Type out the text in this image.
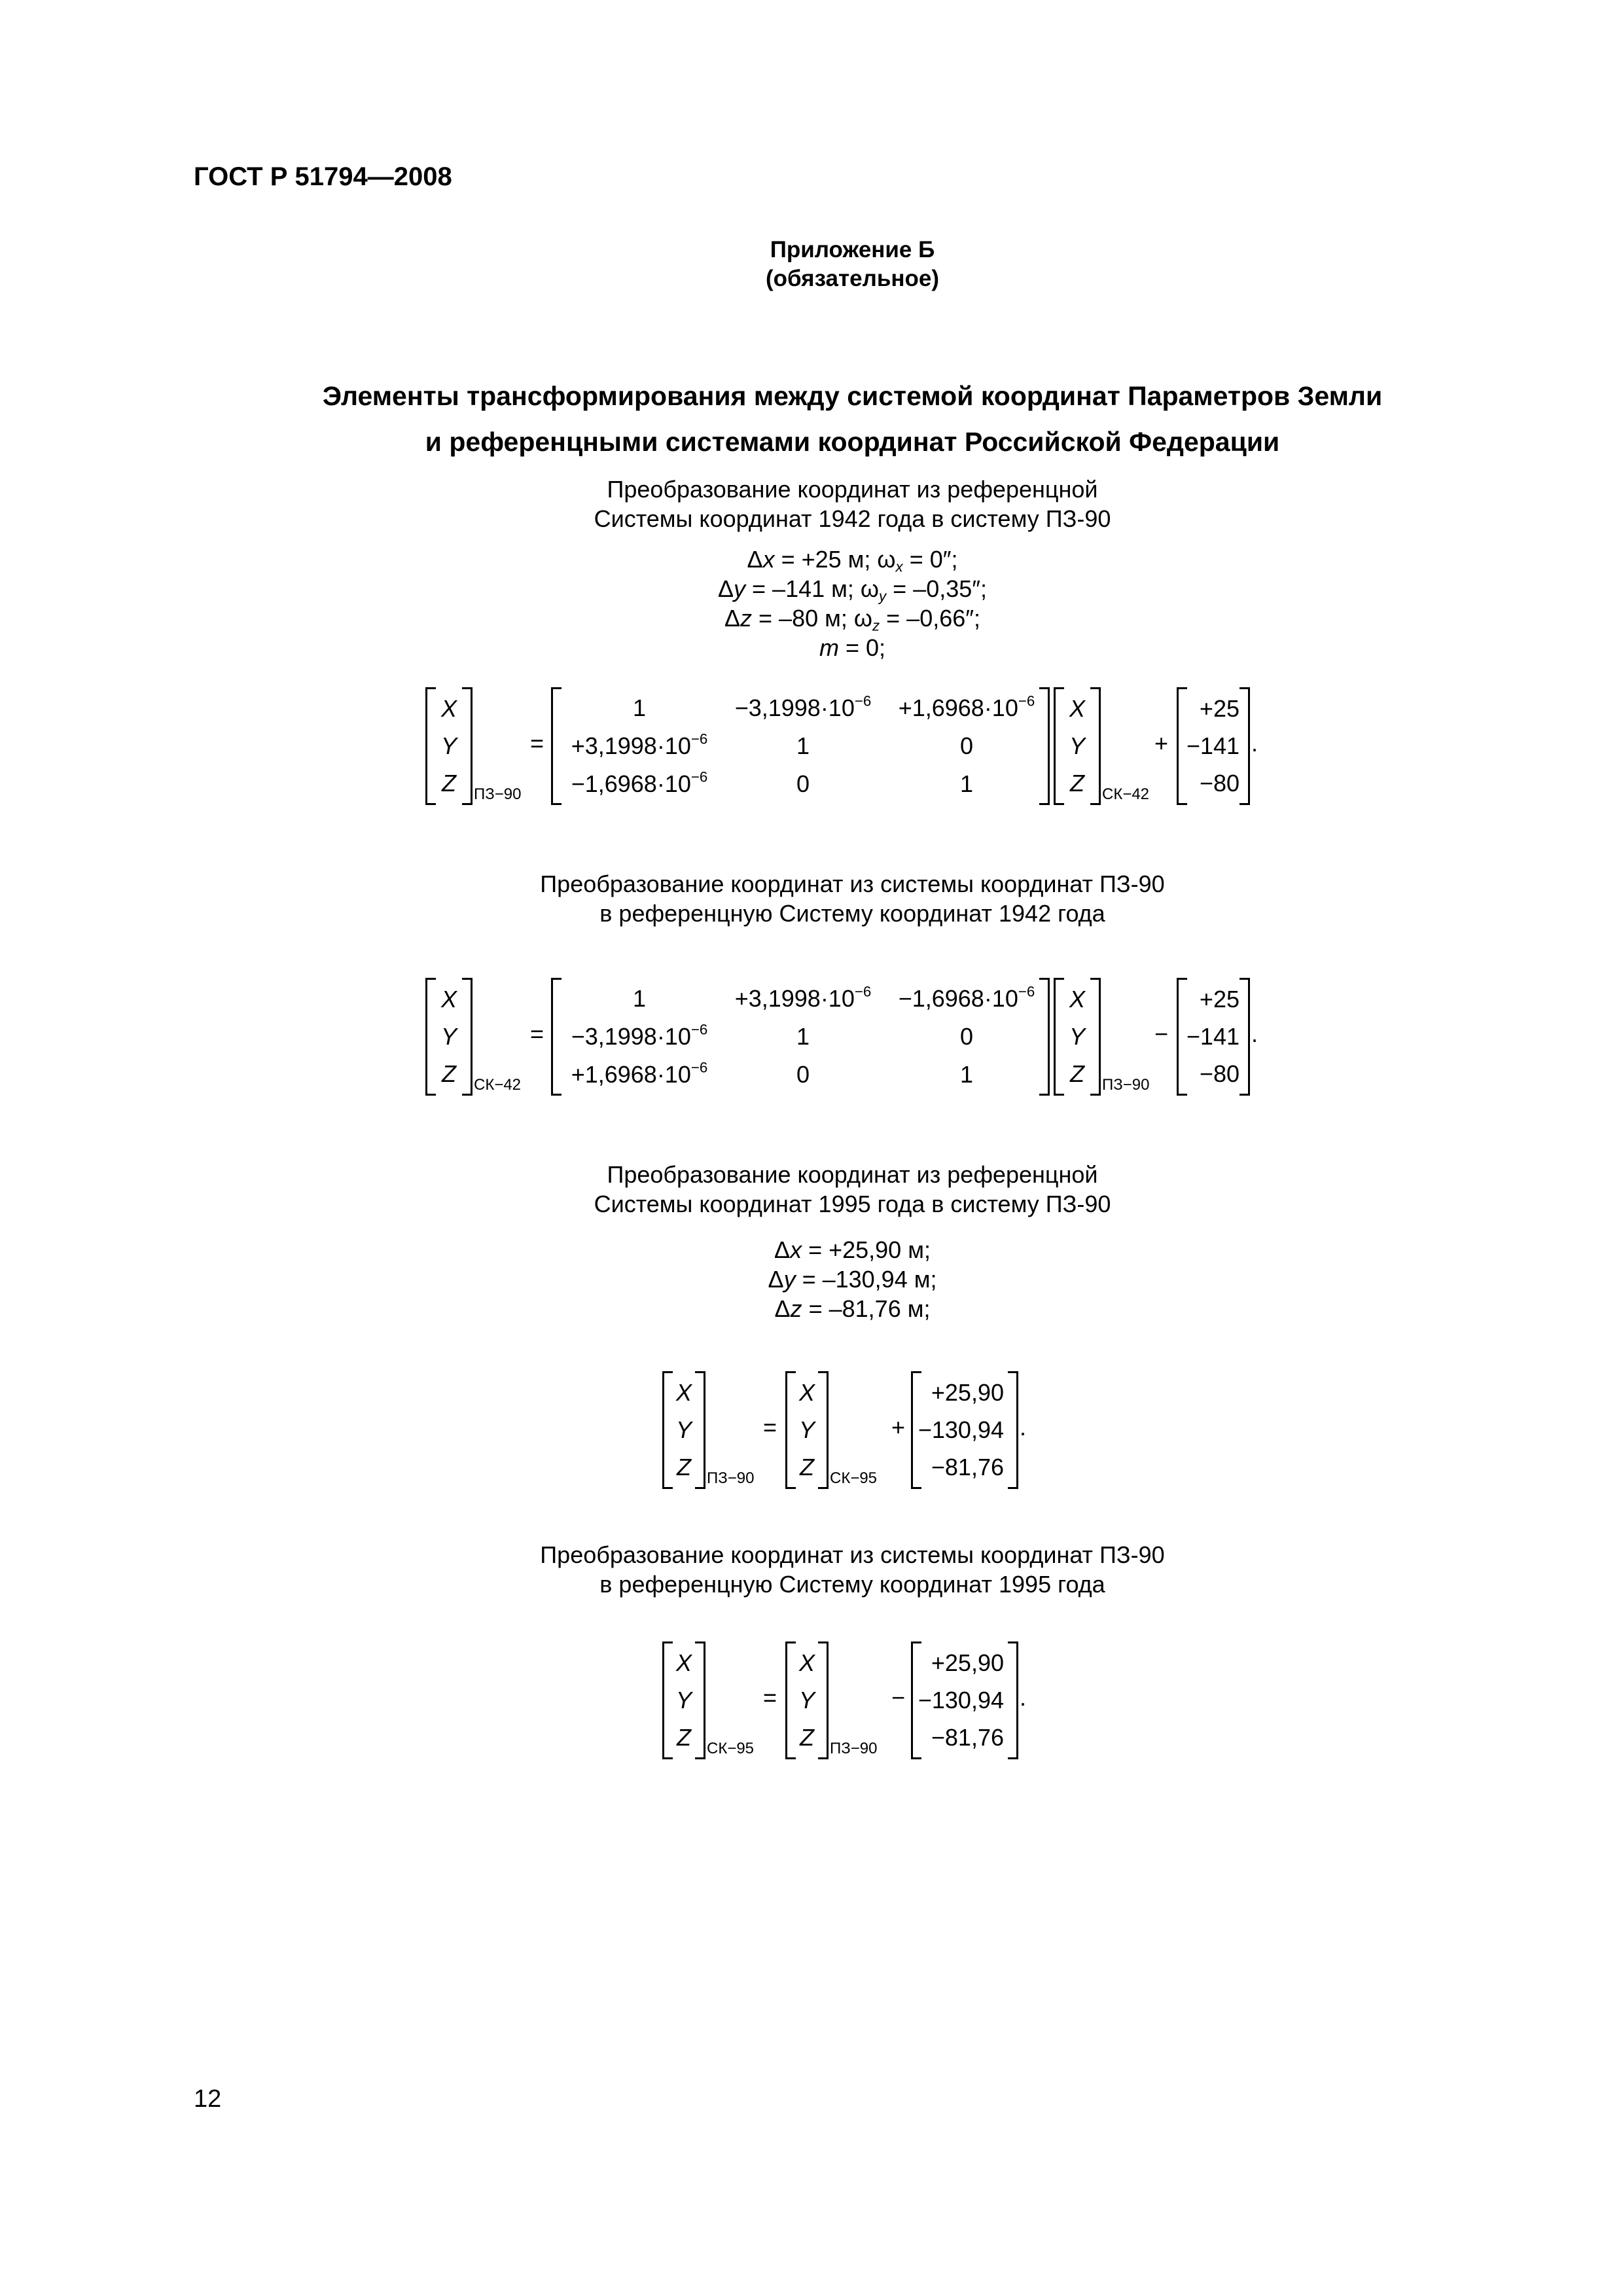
ГОСТ Р 51794—2008
Приложение Б
(обязательное)
Элементы трансформирования между системой координат Параметров Земли
и референцными системами координат Российской Федерации
Преобразование координат из референцной
Системы координат 1942 года в систему ПЗ-90
Δx = +25 м; $\omega_x = 0''$;
Δy = –141 м; $\omega_y = -0,35''$;
Δz = –80 м; $\omega_z = -0,66''$;
m = 0;
X
Y
Z	ПЗ−90
=
1	$-3,1998\cdot 10^{-6}$	$+1,6968\cdot 10^{-6}$
$+3,1998\cdot 10^{-6}$	1	0
$-1,6968\cdot 10^{-6}$	0	1
X
Y
Z	СК−42
+
+25
−141
−80
.
Преобразование координат из системы координат ПЗ-90
в референцную Систему координат 1942 года
X
Y
Z	СК−42
=
1	$+3,1998\cdot 10^{-6}$	$-1,6968\cdot 10^{-6}$
$-3,1998\cdot 10^{-6}$	1	0
$+1,6968\cdot 10^{-6}$	0	1
X
Y
Z	ПЗ−90
−
+25
−141
−80
.
Преобразование координат из референцной
Системы координат 1995 года в систему ПЗ-90
Δx = +25,90 м;
Δy = –130,94 м;
Δz = –81,76 м;
X
Y
Z	ПЗ−90
=
X
Y
Z	СК−95
+
+25,90
−130,94
−81,76
.
Преобразование координат из системы координат ПЗ-90
в референцную Систему координат 1995 года
X
Y
Z	СК−95
=
X
Y
Z	ПЗ−90
−
+25,90
−130,94
−81,76
.
12
